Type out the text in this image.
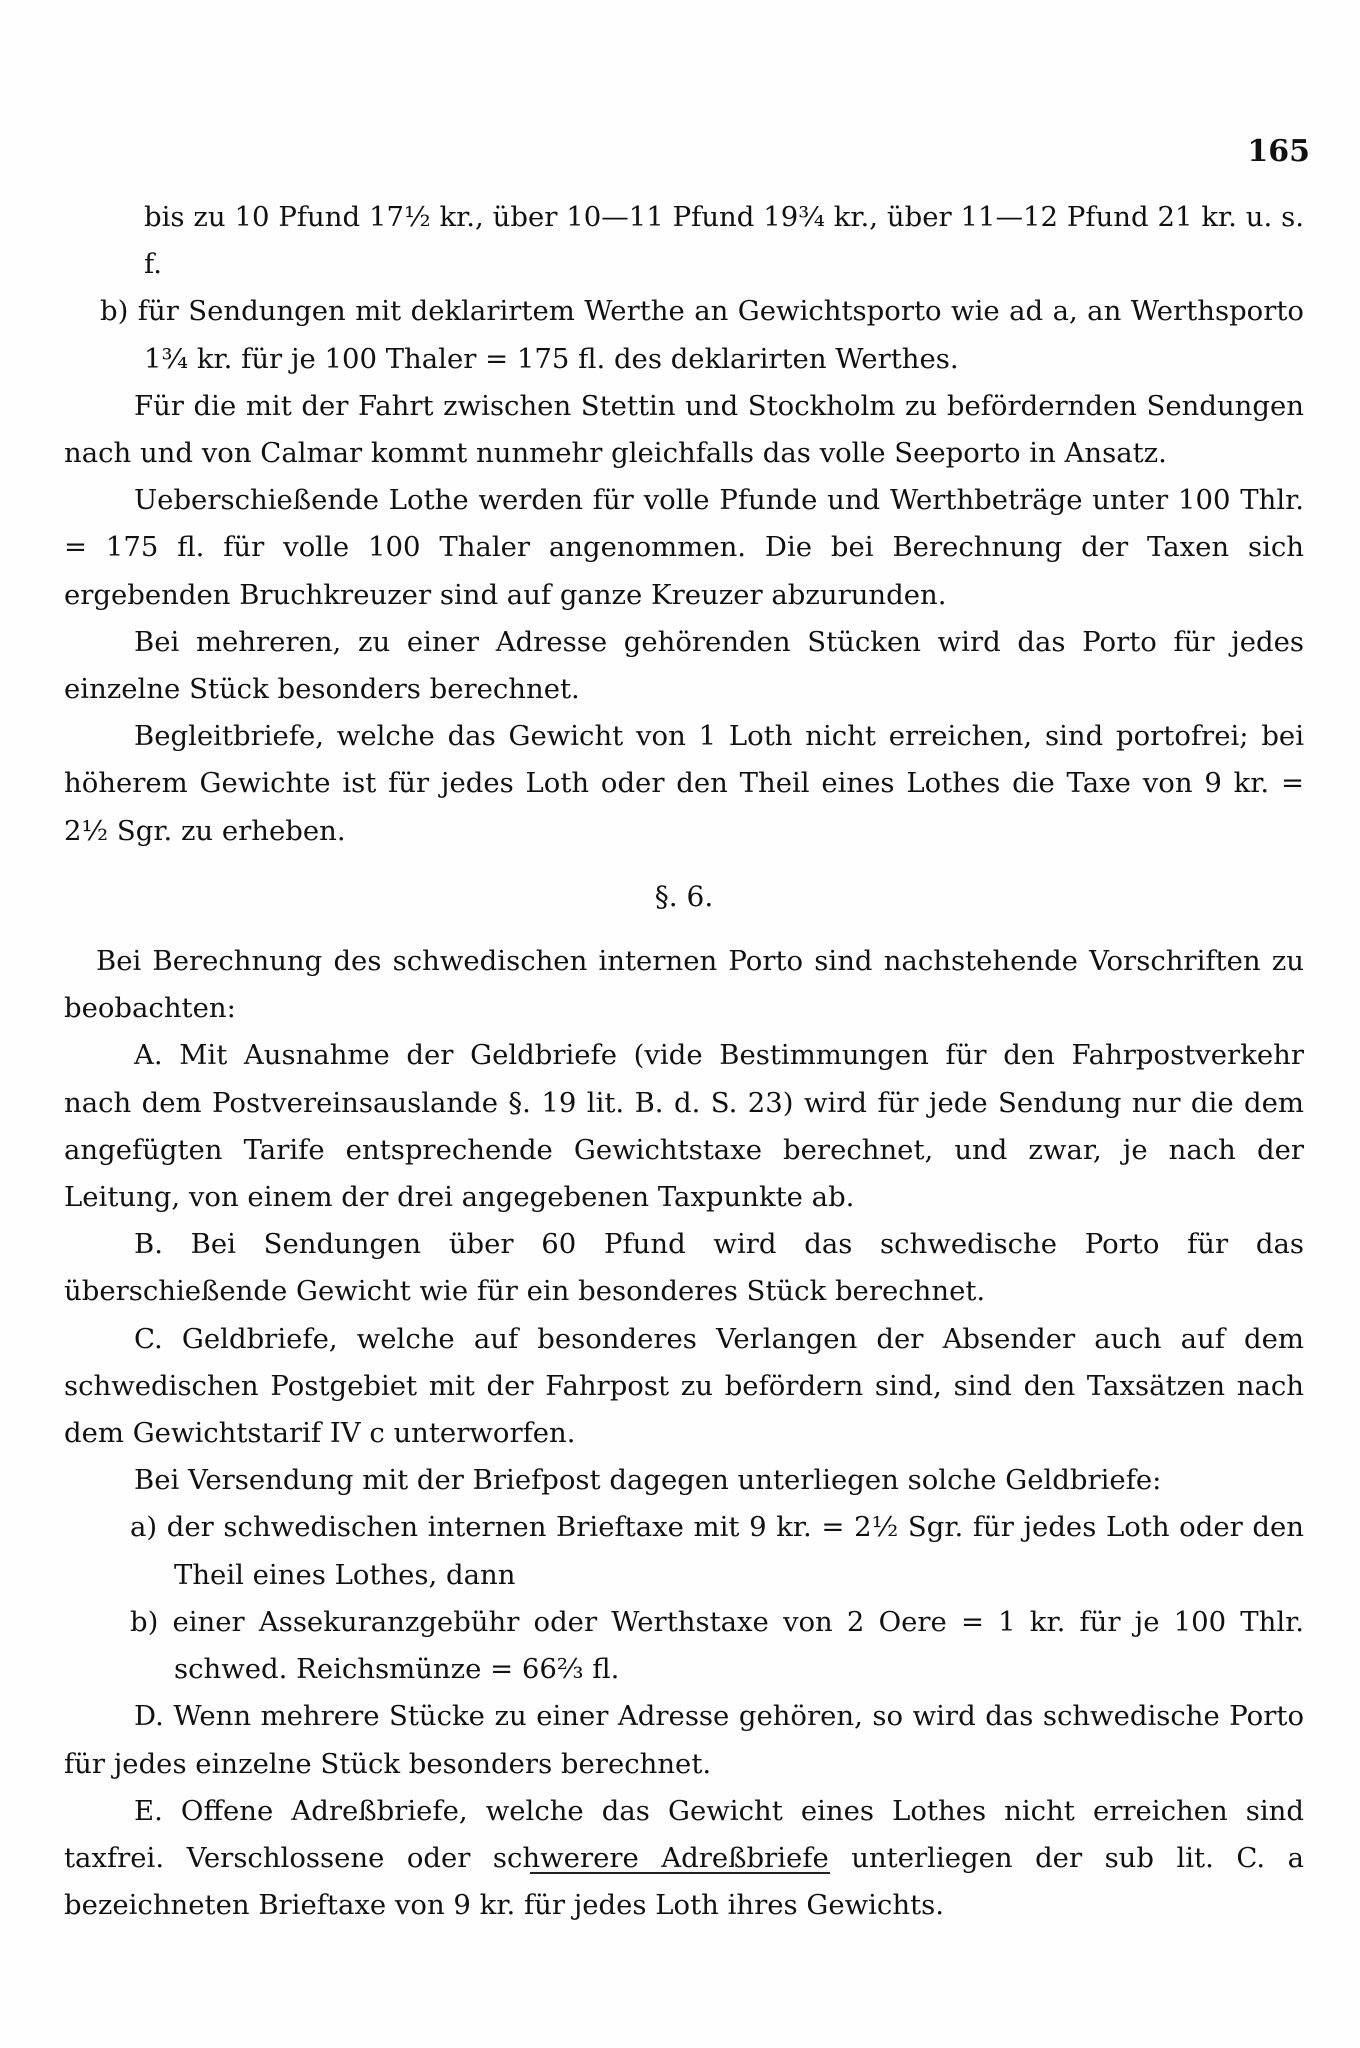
165

bis zu 10 Pfund 17½ kr., über 10—11 Pfund 19¾ kr., über 11—12 Pfund 21 kr. u. s. f.

b) für Sendungen mit deklarirtem Werthe an Gewichtsporto wie ad a, an Werthsporto 1¾ kr. für je 100 Thaler = 175 fl. des deklarirten Werthes.

Für die mit der Fahrt zwischen Stettin und Stockholm zu befördernden Sendungen nach und von Calmar kommt nunmehr gleichfalls das volle Seeporto in Ansatz.

Ueberschießende Lothe werden für volle Pfunde und Werthbeträge unter 100 Thlr. = 175 fl. für volle 100 Thaler angenommen. Die bei Berechnung der Taxen sich ergebenden Bruchkreuzer sind auf ganze Kreuzer abzurunden.

Bei mehreren, zu einer Adresse gehörenden Stücken wird das Porto für jedes einzelne Stück besonders berechnet.

Begleitbriefe, welche das Gewicht von 1 Loth nicht erreichen, sind portofrei; bei höherem Gewichte ist für jedes Loth oder den Theil eines Lothes die Taxe von 9 kr. = 2½ Sgr. zu erheben.

§. 6.

Bei Berechnung des schwedischen internen Porto sind nachstehende Vorschriften zu beobachten:

A. Mit Ausnahme der Geldbriefe (vide Bestimmungen für den Fahrpostverkehr nach dem Postvereinsauslande §. 19 lit. B. d. S. 23) wird für jede Sendung nur die dem angefügten Tarife entsprechende Gewichtstaxe berechnet, und zwar, je nach der Leitung, von einem der drei angegebenen Taxpunkte ab.

B. Bei Sendungen über 60 Pfund wird das schwedische Porto für das überschießende Gewicht wie für ein besonderes Stück berechnet.

C. Geldbriefe, welche auf besonderes Verlangen der Absender auch auf dem schwedischen Postgebiet mit der Fahrpost zu befördern sind, sind den Taxsätzen nach dem Gewichtstarif IV c unterworfen.

Bei Versendung mit der Briefpost dagegen unterliegen solche Geldbriefe:

a) der schwedischen internen Brieftaxe mit 9 kr. = 2½ Sgr. für jedes Loth oder den Theil eines Lothes, dann

b) einer Assekuranzgebühr oder Werthstaxe von 2 Oere = 1 kr. für je 100 Thlr. schwed. Reichsmünze = 66⅔ fl.

D. Wenn mehrere Stücke zu einer Adresse gehören, so wird das schwedische Porto für jedes einzelne Stück besonders berechnet.

E. Offene Adreßbriefe, welche das Gewicht eines Lothes nicht erreichen sind taxfrei. Verschlossene oder schwerere Adreßbriefe unterliegen der sub lit. C. a bezeichneten Brieftaxe von 9 kr. für jedes Loth ihres Gewichts.
